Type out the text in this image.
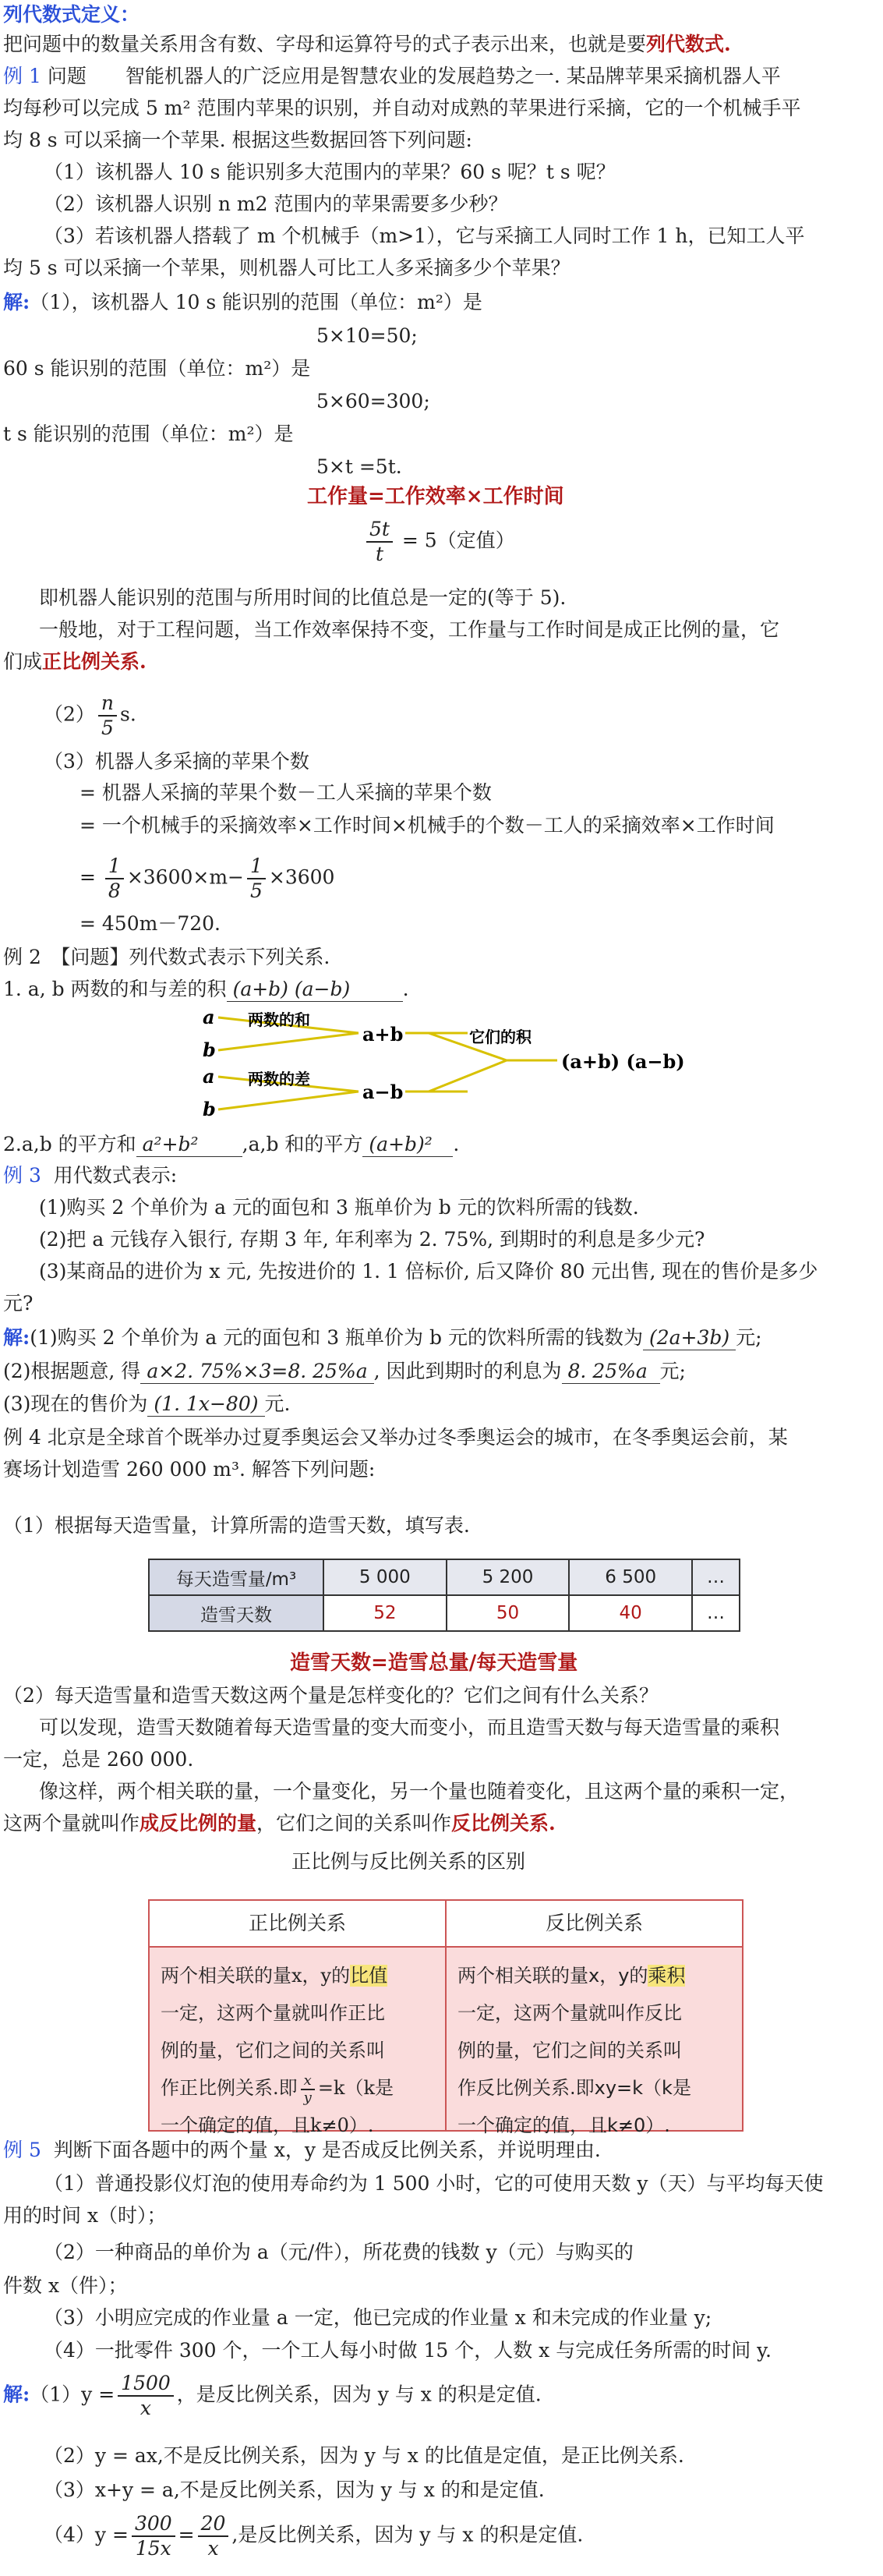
列代数式定义：
把问题中的数量关系用含有数、字母和运算符号的式子表示出来，也就是要列代数式.
例 1 问题　　智能机器人的广泛应用是智慧农业的发展趋势之一. 某品牌苹果采摘机器人平
均每秒可以完成 5 m² 范围内苹果的识别，并自动对成熟的苹果进行采摘，它的一个机械手平
均 8 s 可以采摘一个苹果. 根据这些数据回答下列问题:
（1）该机器人 10 s 能识别多大范围内的苹果？60 s 呢？t s 呢？
（2）该机器人识别 n m2 范围内的苹果需要多少秒？
（3）若该机器人搭载了 m 个机械手（m>1），它与采摘工人同时工作 1 h，已知工人平
均 5 s 可以采摘一个苹果，则机器人可比工人多采摘多少个苹果？
解:（1），该机器人 10 s 能识别的范围（单位：m²）是
5×10=50;
60 s 能识别的范围（单位：m²）是
5×60=300;
t s 能识别的范围（单位：m²）是
5×t =5t.
工作量=工作效率×工作时间
$\frac{5t}{t} = 5$（定值）
即机器人能识别的范围与所用时间的比值总是一定的(等于 5).
一般地，对于工程问题，当工作效率保持不变，工作量与工作时间是成正比例的量，它
们成正比例关系.
$(2) \frac{n}{5} s$.
（3）机器人多采摘的苹果个数
= 机器人采摘的苹果个数－工人采摘的苹果个数
= 一个机械手的采摘效率×工作时间×机械手的个数－工人的采摘效率×工作时间
= $\frac{1}{8} \times 3600\times m- \frac{1}{5} \times 3600$
= 450m－720.
例 2　【问题】列代数式表示下列关系.
1. a, b 两数的和与差的积 (a+b) (a−b)	.
a
b
a
b
两数的和
两数的差
a+b
a−b
它们的积
(a+b) (a−b)
2.a,b 的平方和 a²+b² ,a,b 和的平方 (a+b)² .
例 3 用代数式表示:
(1)购买 2 个单价为 a 元的面包和 3 瓶单价为 b 元的饮料所需的钱数.
(2)把 a 元钱存入银行, 存期 3 年, 年利率为 2. 75%, 到期时的利息是多少元?
(3)某商品的进价为 x 元, 先按进价的 1. 1 倍标价, 后又降价 80 元出售, 现在的售价是多少
元?
解:(1)购买 2 个单价为 a 元的面包和 3 瓶单价为 b 元的饮料所需的钱数为 (2a+3b) 元;
(2)根据题意, 得 a×2. 75%×3=8. 25%a , 因此到期时的利息为 8. 25%a 元;
(3)现在的售价为 (1. 1x−80) 元.
例 4 北京是全球首个既举办过夏季奥运会又举办过冬季奥运会的城市，在冬季奥运会前，某
赛场计划造雪 260 000 m³. 解答下列问题:
（1）根据每天造雪量，计算所需的造雪天数，填写表.
每天造雪量/m³	5 000	5 200	6 500	…
造雪天数	52	50	40	…
造雪天数=造雪总量/每天造雪量
（2）每天造雪量和造雪天数这两个量是怎样变化的？它们之间有什么关系？
可以发现，造雪天数随着每天造雪量的变大而变小，而且造雪天数与每天造雪量的乘积
一定，总是 260 000.
像这样，两个相关联的量，一个量变化，另一个量也随着变化，且这两个量的乘积一定，
这两个量就叫作成反比例的量，它们之间的关系叫作反比例关系.
正比例与反比例关系的区别
正比例关系	反比例关系
两个相关联的量x，y的比值
一定，这两个量就叫作正比
例的量，它们之间的关系叫
作正比例关系.即 $\frac{x}{y} =k(k$是
一个确定的值，且k≠0）.
两个相关联的量x，y的乘积
一定，这两个量就叫作反比
例的量，它们之间的关系叫
作反比例关系.即xy=k（k是
一个确定的值，且k≠0）.
例 5 判断下面各题中的两个量 x，y 是否成反比例关系，并说明理由.
（1）普通投影仪灯泡的使用寿命约为 1 500 小时，它的可使用天数 y（天）与平均每天使
用的时间 x（时）；
（2）一种商品的单价为 a（元/件），所花费的钱数 y（元）与购买的
件数 x（件）；
（3）小明应完成的作业量 a 一定，他已完成的作业量 x 和未完成的作业量 y;
（4）一批零件 300 个，一个工人每小时做 15 个，人数 x 与完成任务所需的时间 y.
解:（1）y = $\frac{1500}{x}$ ，是反比例关系，因为 y 与 x 的积是定值.
（2）y = ax,不是反比例关系，因为 y 与 x 的比值是定值，是正比例关系.
（3）x+y = a,不是反比例关系，因为 y 与 x 的和是定值.
$(4)y = \frac{300}{15x} = \frac{20}{x}$ ,是反比例关系，因为 y 与 x 的积是定值.
